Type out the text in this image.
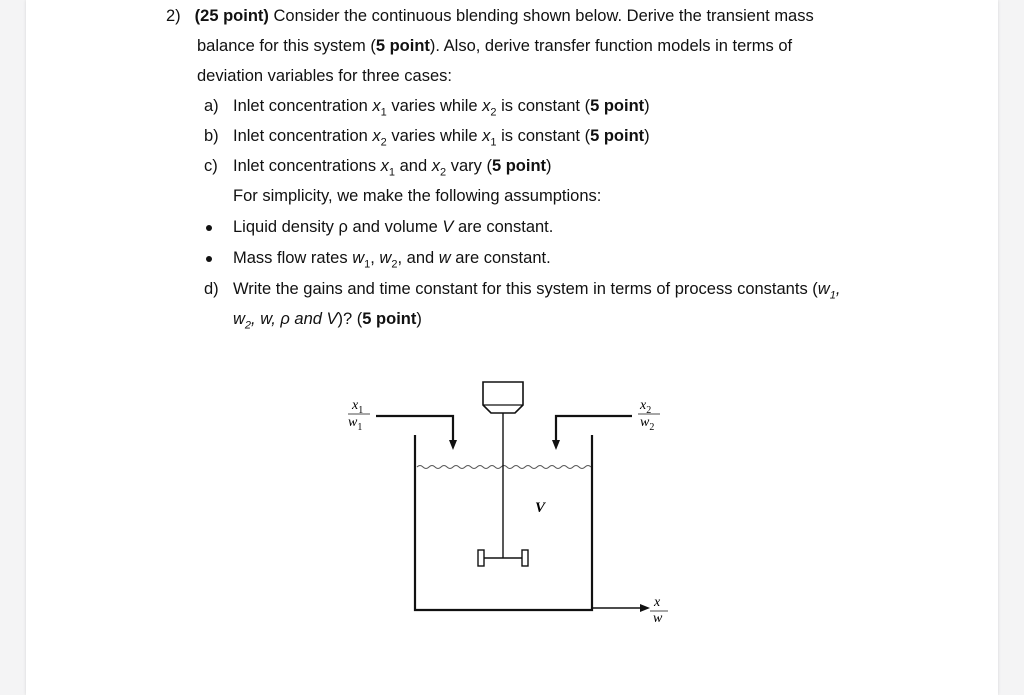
2) (25 point) Consider the continuous blending shown below. Derive the transient mass
balance for this system (5 point). Also, derive transfer function models in terms of
deviation variables for three cases:
a) Inlet concentration $x_1$ varies while $x_2$ is constant (5 point)
b) Inlet concentration $x_2$ varies while $x_1$ is constant (5 point)
c) Inlet concentrations $x_1$ and $x_2$ vary (5 point)
For simplicity, we make the following assumptions:
Liquid density ρ and volume V are constant.
Mass flow rates $w_1$, $w_2$, and w are constant.
d) Write the gains and time constant for this system in terms of process constants ($w_1$,
$w_2$, w, ρ and V)? (5 point)
$x_1$
$w_1$
$x_2$
$w_2$
V
x
w
